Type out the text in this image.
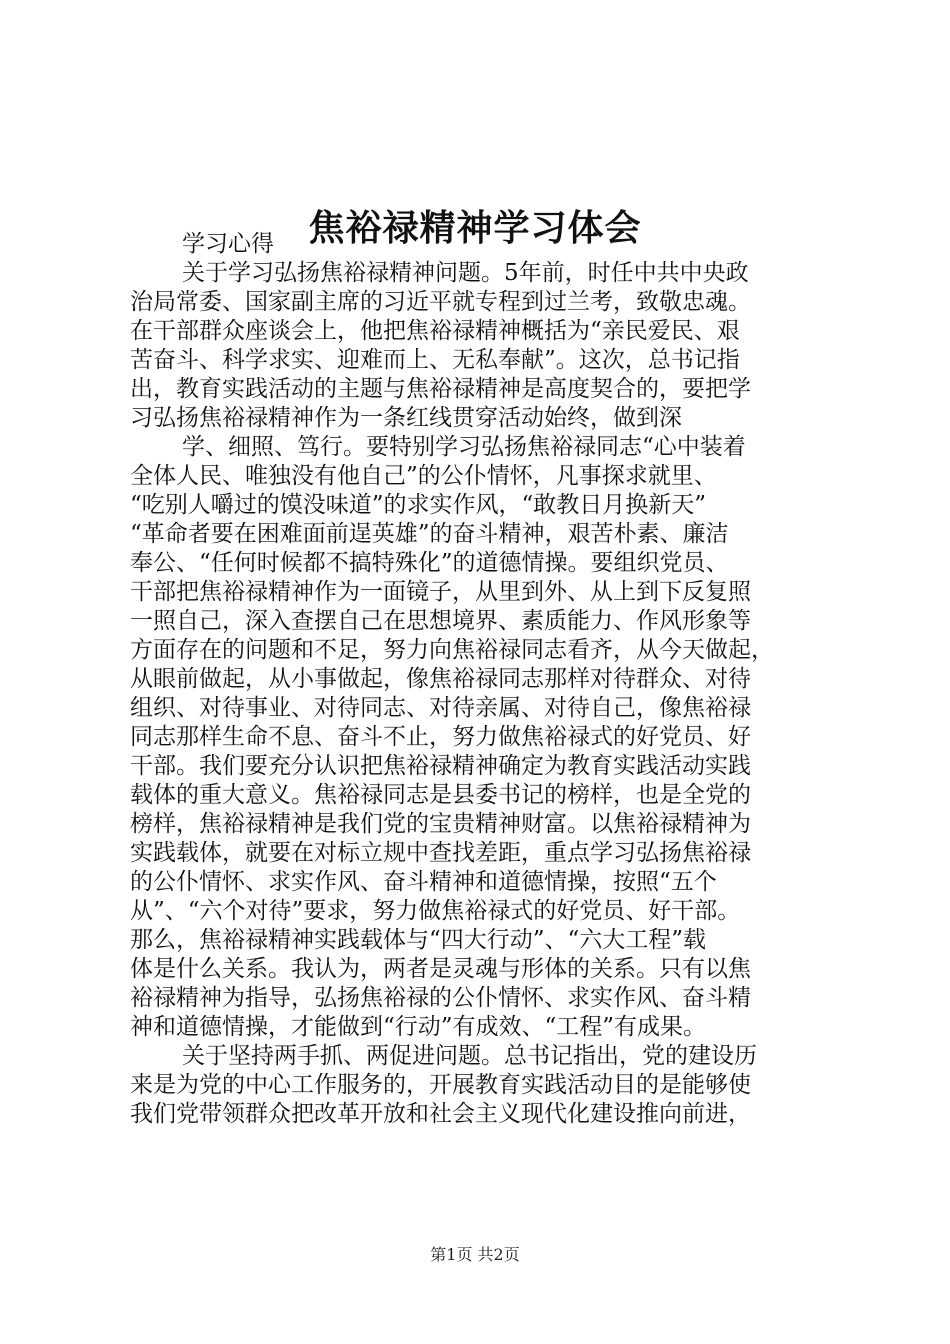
焦裕禄精神学习体会

学习心得

关于学习弘扬焦裕禄精神问题。5年前，时任中共中央政

治局常委、国家副主席的习近平就专程到过兰考，致敬忠魂。

在干部群众座谈会上，他把焦裕禄精神概括为“亲民爱民、艰

苦奋斗、科学求实、迎难而上、无私奉献”。这次，总书记指

出，教育实践活动的主题与焦裕禄精神是高度契合的，要把学

习弘扬焦裕禄精神作为一条红线贯穿活动始终，做到深

学、细照、笃行。要特别学习弘扬焦裕禄同志“心中装着

全体人民、唯独没有他自己”的公仆情怀，凡事探求就里、

“吃别人嚼过的馍没味道”的求实作风，“敢教日月换新天”

“革命者要在困难面前逞英雄”的奋斗精神，艰苦朴素、廉洁

奉公、“任何时候都不搞特殊化”的道德情操。要组织党员、

干部把焦裕禄精神作为一面镜子，从里到外、从上到下反复照

一照自己，深入查摆自己在思想境界、素质能力、作风形象等

方面存在的问题和不足，努力向焦裕禄同志看齐，从今天做起，

从眼前做起，从小事做起，像焦裕禄同志那样对待群众、对待

组织、对待事业、对待同志、对待亲属、对待自己，像焦裕禄

同志那样生命不息、奋斗不止，努力做焦裕禄式的好党员、好

干部。我们要充分认识把焦裕禄精神确定为教育实践活动实践

载体的重大意义。焦裕禄同志是县委书记的榜样，也是全党的

榜样，焦裕禄精神是我们党的宝贵精神财富。以焦裕禄精神为

实践载体，就要在对标立规中查找差距，重点学习弘扬焦裕禄

的公仆情怀、求实作风、奋斗精神和道德情操，按照“五个

从”、“六个对待”要求，努力做焦裕禄式的好党员、好干部。

那么，焦裕禄精神实践载体与“四大行动”、“六大工程”载

体是什么关系。我认为，两者是灵魂与形体的关系。只有以焦

裕禄精神为指导，弘扬焦裕禄的公仆情怀、求实作风、奋斗精

神和道德情操，才能做到“行动”有成效、“工程”有成果。

关于坚持两手抓、两促进问题。总书记指出，党的建设历

来是为党的中心工作服务的，开展教育实践活动目的是能够使

我们党带领群众把改革开放和社会主义现代化建设推向前进，

第1页 共2页
